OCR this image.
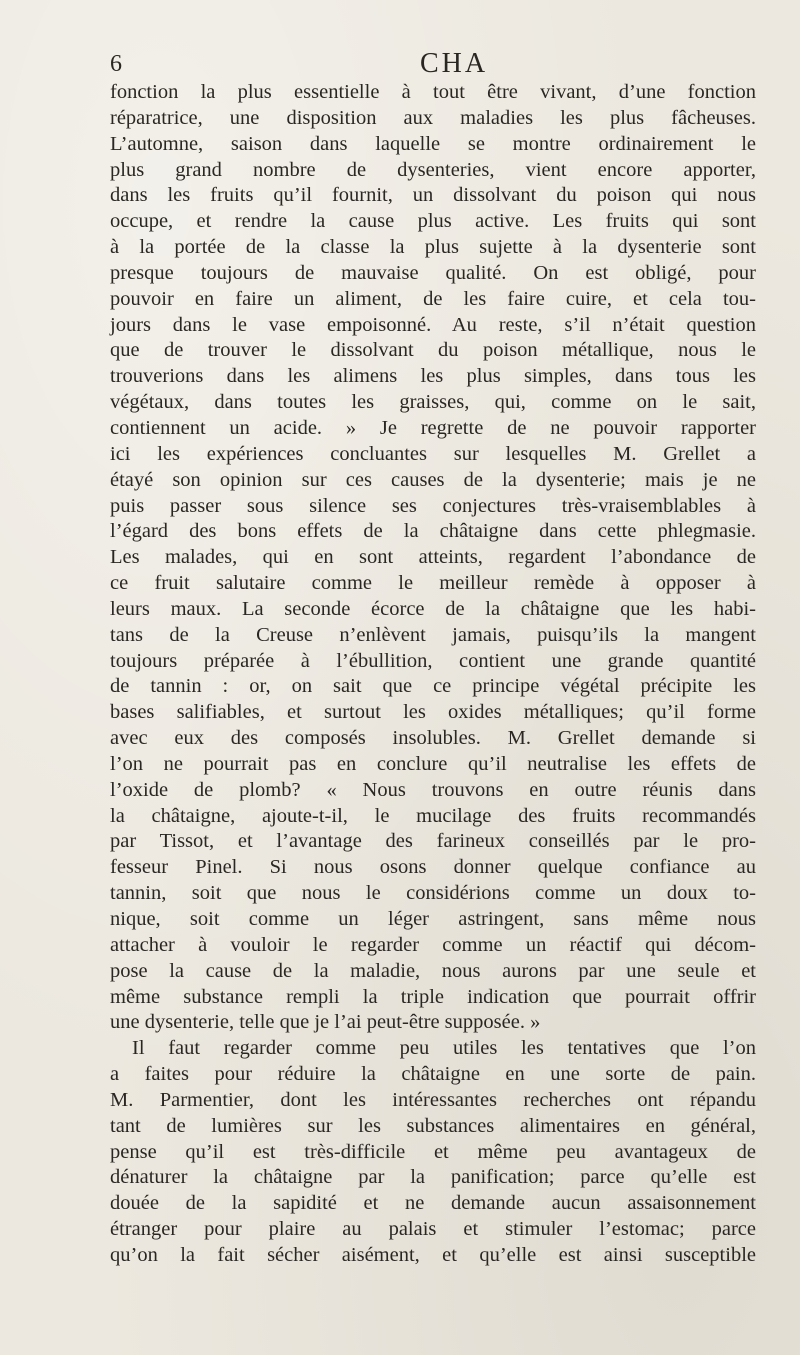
6	CHA
fonction la plus essentielle à tout être vivant, d’une fonction
réparatrice, une disposition aux maladies les plus fâcheuses.
L’automne, saison dans laquelle se montre ordinairement le
plus grand nombre de dysenteries, vient encore apporter,
dans les fruits qu’il fournit, un dissolvant du poison qui nous
occupe, et rendre la cause plus active. Les fruits qui sont
à la portée de la classe la plus sujette à la dysenterie sont
presque toujours de mauvaise qualité. On est obligé, pour
pouvoir en faire un aliment, de les faire cuire, et cela tou-
jours dans le vase empoisonné. Au reste, s’il n’était question
que de trouver le dissolvant du poison métallique, nous le
trouverions dans les alimens les plus simples, dans tous les
végétaux, dans toutes les graisses, qui, comme on le sait,
contiennent un acide. » Je regrette de ne pouvoir rapporter
ici les expériences concluantes sur lesquelles M. Grellet a
étayé son opinion sur ces causes de la dysenterie; mais je ne
puis passer sous silence ses conjectures très-vraisemblables à
l’égard des bons effets de la châtaigne dans cette phlegmasie.
Les malades, qui en sont atteints, regardent l’abondance de
ce fruit salutaire comme le meilleur remède à opposer à
leurs maux. La seconde écorce de la châtaigne que les habi-
tans de la Creuse n’enlèvent jamais, puisqu’ils la mangent
toujours préparée à l’ébullition, contient une grande quantité
de tannin : or, on sait que ce principe végétal précipite les
bases salifiables, et surtout les oxides métalliques; qu’il forme
avec eux des composés insolubles. M. Grellet demande si
l’on ne pourrait pas en conclure qu’il neutralise les effets de
l’oxide de plomb? « Nous trouvons en outre réunis dans
la châtaigne, ajoute-t-il, le mucilage des fruits recommandés
par Tissot, et l’avantage des farineux conseillés par le pro-
fesseur Pinel. Si nous osons donner quelque confiance au
tannin, soit que nous le considérions comme un doux to-
nique, soit comme un léger astringent, sans même nous
attacher à vouloir le regarder comme un réactif qui décom-
pose la cause de la maladie, nous aurons par une seule et
même substance rempli la triple indication que pourrait offrir
une dysenterie, telle que je l’ai peut-être supposée. »
Il faut regarder comme peu utiles les tentatives que l’on
a faites pour réduire la châtaigne en une sorte de pain.
M. Parmentier, dont les intéressantes recherches ont répandu
tant de lumières sur les substances alimentaires en général,
pense qu’il est très-difficile et même peu avantageux de
dénaturer la châtaigne par la panification; parce qu’elle est
douée de la sapidité et ne demande aucun assaisonnement
étranger pour plaire au palais et stimuler l’estomac; parce
qu’on la fait sécher aisément, et qu’elle est ainsi susceptible
